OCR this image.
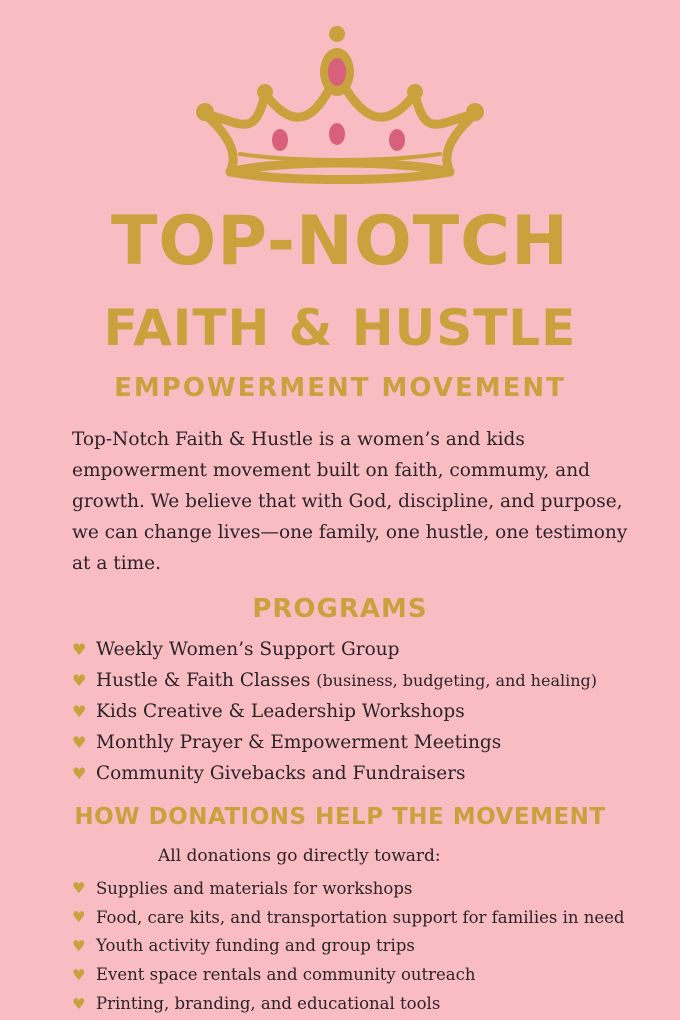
TOP-NOTCH
FAITH & HUSTLE
EMPOWERMENT MOVEMENT

Top-Notch Faith & Hustle is a women’s and kids empowerment movement built on faith, commumy, and growth. We believe that with God, discipline, and purpose, we can change lives—one family, one hustle, one testimony at a time.

PROGRAMS
♥ Weekly Women’s Support Group
♥ Hustle & Faith Classes (business, budgeting, and healing)
♥ Kids Creative & Leadership Workshops
♥ Monthly Prayer & Empowerment Meetings
♥ Community Givebacks and Fundraisers
HOW DONATIONS HELP THE MOVEMENT
All donations go directly toward:
♥ Supplies and materials for workshops
♥ Food, care kits, and transportation support for families in need
♥ Youth activity funding and group trips
♥ Event space rentals and community outreach
♥ Printing, branding, and educational tools
